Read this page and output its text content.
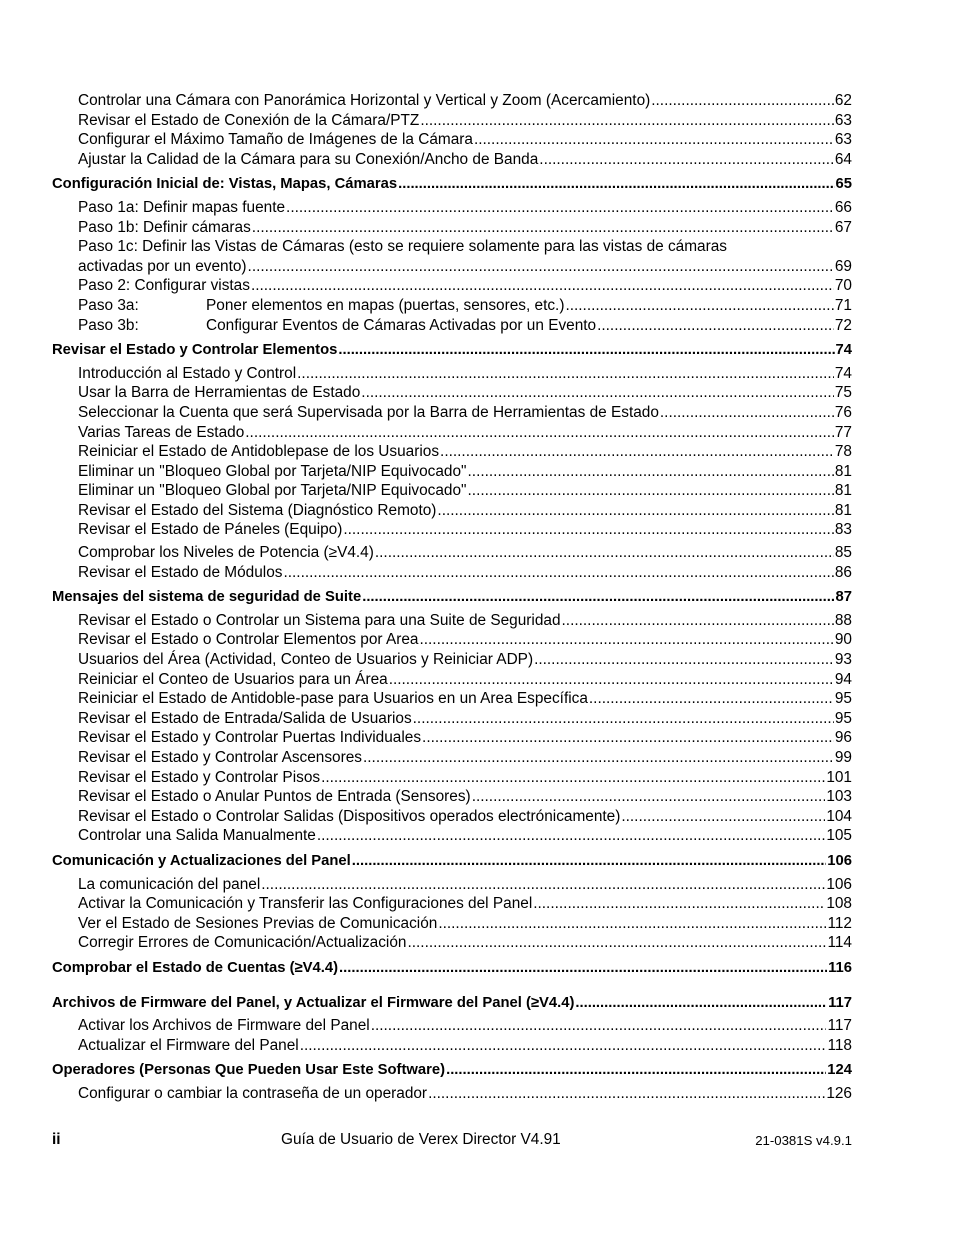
Controlar una Cámara con Panorámica Horizontal y Vertical y Zoom (Acercamiento) .....	62
Revisar el Estado de Conexión de la Cámara/PTZ .....	63
Configurar el Máximo Tamaño de Imágenes de la Cámara .....	63
Ajustar la Calidad de la Cámara para su Conexión/Ancho de Banda .....	64
Configuración Inicial de: Vistas, Mapas, Cámaras .....	65
Paso 1a: Definir mapas fuente .....	66
Paso 1b: Definir cámaras .....	67
Paso 1c: Definir las Vistas de Cámaras (esto se requiere solamente para las vistas de cámaras
activadas por un evento) .....	69
Paso 2: Configurar vistas .....	70
Paso 3a:	Poner elementos en mapas (puertas, sensores, etc.) .....	71
Paso 3b:	Configurar Eventos de Cámaras Activadas por un Evento .....	72
Revisar el Estado y Controlar Elementos .....	74
Introducción al Estado y Control .....	74
Usar la Barra de Herramientas de Estado .....	75
Seleccionar la Cuenta que será Supervisada por la Barra de Herramientas de Estado .....	76
Varias Tareas de Estado .....	77
Reiniciar el Estado de Antidoblepase de los Usuarios .....	78
Eliminar un "Bloqueo Global por Tarjeta/NIP Equivocado" .....	81
Eliminar un "Bloqueo Global por Tarjeta/NIP Equivocado" .....	81
Revisar el Estado del Sistema (Diagnóstico Remoto) .....	81
Revisar el Estado de Páneles (Equipo) .....	83
Comprobar los Niveles de Potencia (≥V4.4) .....	85
Revisar el Estado de Módulos .....	86
Mensajes del sistema de seguridad de Suite .....	87
Revisar el Estado o Controlar un Sistema para una Suite de Seguridad .....	88
Revisar el Estado o Controlar Elementos por Area .....	90
Usuarios del Área (Actividad, Conteo de Usuarios y Reiniciar ADP) .....	93
Reiniciar el Conteo de Usuarios para un Área .....	94
Reiniciar el Estado de Antidoble-pase para Usuarios en un Area Específica .....	95
Revisar el Estado de Entrada/Salida de Usuarios .....	95
Revisar el Estado y Controlar Puertas Individuales .....	96
Revisar el Estado y Controlar Ascensores .....	99
Revisar el Estado y Controlar Pisos .....	101
Revisar el Estado o Anular Puntos de Entrada (Sensores) .....	103
Revisar el Estado o Controlar Salidas (Dispositivos operados electrónicamente) .....	104
Controlar una Salida Manualmente .....	105
Comunicación y Actualizaciones del Panel .....	106
La comunicación del panel .....	106
Activar la Comunicación y Transferir las Configuraciones del Panel .....	108
Ver el Estado de Sesiones Previas de Comunicación .....	112
Corregir Errores de Comunicación/Actualización .....	114
Comprobar el Estado de Cuentas (≥V4.4) .....	116
Archivos de Firmware del Panel, y Actualizar el Firmware del Panel (≥V4.4) .....	117
Activar los Archivos de Firmware del Panel .....	117
Actualizar el Firmware del Panel .....	118
Operadores (Personas Que Pueden Usar Este Software) .....	124
Configurar o cambiar la contraseña de un operador .....	126
ii	Guía de Usuario de Verex Director V4.91	21-0381S v4.9.1
